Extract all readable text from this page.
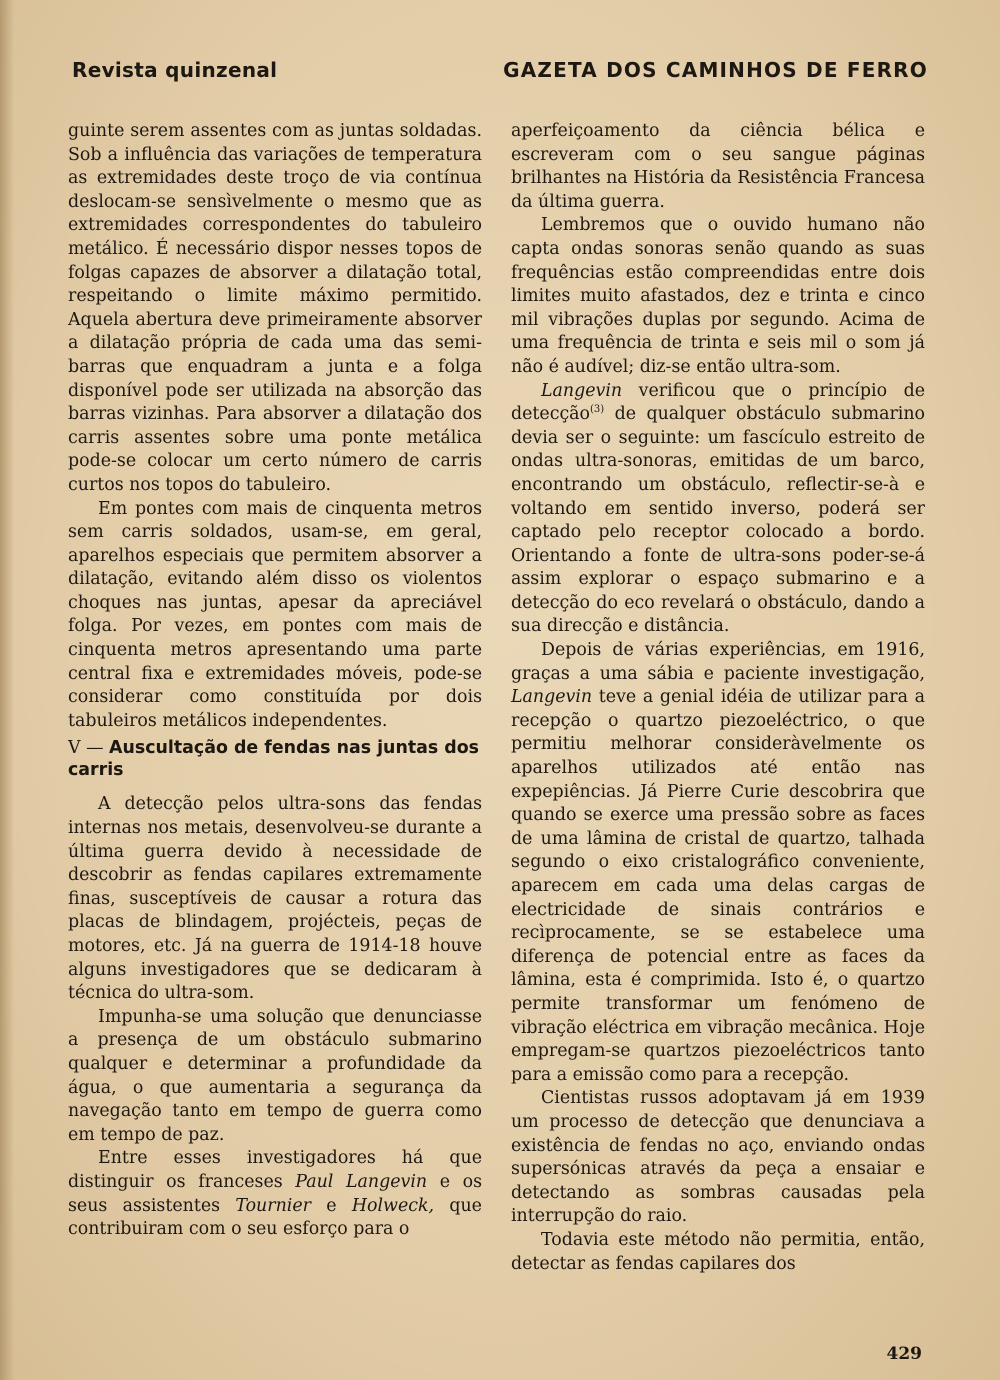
Revista quinzenal	GAZETA DOS CAMINHOS DE FERRO

guinte serem assentes com as juntas soldadas. Sob a influência das variações de temperatura as extremidades deste troço de via contínua deslocam-se sensìvelmente o mesmo que as extremidades correspondentes do tabuleiro metálico. É necessário dispor nesses topos de folgas capazes de absorver a dilatação total, respeitando o limite máximo permitido. Aquela abertura deve primeiramente absorver a dilatação própria de cada uma das semi-barras que enquadram a junta e a folga disponível pode ser utilizada na absorção das barras vizinhas. Para absorver a dilatação dos carris assentes sobre uma ponte metálica pode-se colocar um certo número de carris curtos nos topos do tabuleiro.

Em pontes com mais de cinquenta metros sem carris soldados, usam-se, em geral, aparelhos especiais que permitem absorver a dilatação, evitando além disso os violentos choques nas juntas, apesar da apreciável folga. Por vezes, em pontes com mais de cinquenta metros apresentando uma parte central fixa e extremidades móveis, pode-se considerar como constituída por dois tabuleiros metálicos independentes.

V — Auscultação de fendas nas juntas dos carris

A detecção pelos ultra-sons das fendas internas nos metais, desenvolveu-se durante a última guerra devido à necessidade de descobrir as fendas capilares extremamente finas, susceptíveis de causar a rotura das placas de blindagem, projécteis, peças de motores, etc. Já na guerra de 1914-18 houve alguns investigadores que se dedicaram à técnica do ultra-som.

Impunha-se uma solução que denunciasse a presença de um obstáculo submarino qualquer e determinar a profundidade da água, o que aumentaria a segurança da navegação tanto em tempo de guerra como em tempo de paz.

Entre esses investigadores há que distinguir os franceses Paul Langevin e os seus assistentes Tournier e Holweck, que contribuiram com o seu esforço para o

aperfeiçoamento da ciência bélica e escreveram com o seu sangue páginas brilhantes na História da Resistência Francesa da última guerra.

Lembremos que o ouvido humano não capta ondas sonoras senão quando as suas frequências estão compreendidas entre dois limites muito afastados, dez e trinta e cinco mil vibrações duplas por segundo. Acima de uma frequência de trinta e seis mil o som já não é audível; diz-se então ultra-som.

Langevin verificou que o princípio de detecção$^{(3)}$ de qualquer obstáculo submarino devia ser o seguinte: um fascículo estreito de ondas ultra-sonoras, emitidas de um barco, encontrando um obstáculo, reflectir-se-à e voltando em sentido inverso, poderá ser captado pelo receptor colocado a bordo. Orientando a fonte de ultra-sons poder-se-á assim explorar o espaço submarino e a detecção do eco revelará o obstáculo, dando a sua direcção e distância.

Depois de várias experiências, em 1916, graças a uma sábia e paciente investigação, Langevin teve a genial idéia de utilizar para a recepção o quartzo piezoeléctrico, o que permitiu melhorar consideràvelmente os aparelhos utilizados até então nas expepiências. Já Pierre Curie descobrira que quando se exerce uma pressão sobre as faces de uma lâmina de cristal de quartzo, talhada segundo o eixo cristalográfico conveniente, aparecem em cada uma delas cargas de electricidade de sinais contrários e recìprocamente, se se estabelece uma diferença de potencial entre as faces da lâmina, esta é comprimida. Isto é, o quartzo permite transformar um fenómeno de vibração eléctrica em vibração mecânica. Hoje empregam-se quartzos piezoeléctricos tanto para a emissão como para a recepção.

Cientistas russos adoptavam já em 1939 um processo de detecção que denunciava a existência de fendas no aço, enviando ondas supersónicas através da peça a ensaiar e detectando as sombras causadas pela interrupção do raio.

Todavia este método não permitia, então, detectar as fendas capilares dos

429
